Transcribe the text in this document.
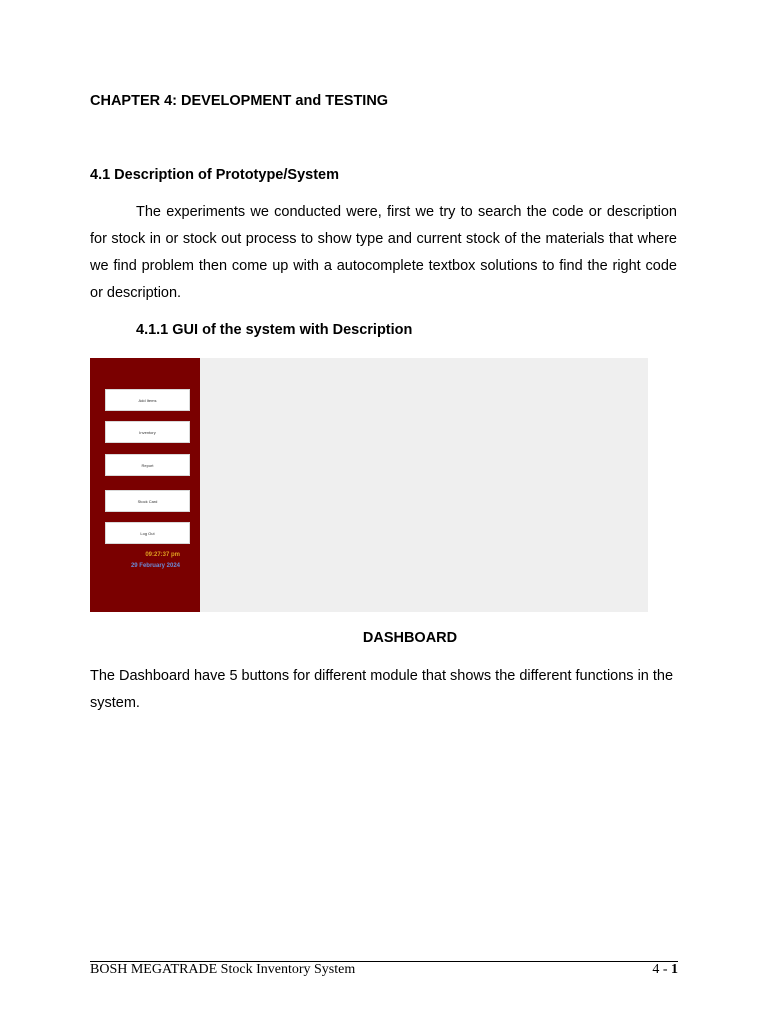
CHAPTER 4: DEVELOPMENT and TESTING
4.1 Description of Prototype/System

The experiments we conducted were, first we try to search the code or description for stock in or stock out process to show type and current stock of the materials that where we find problem then come up with a autocomplete textbox solutions to find the right code or description.

4.1.1 GUI of the system with Description
Add Items
Inventory
Report
Stock Card
Log Out
09:27:37 pm
29 February 2024
DASHBOARD

The Dashboard have 5 buttons for different module that shows the different functions in the system.

BOSH MEGATRADE Stock Inventory System	4 - 1
